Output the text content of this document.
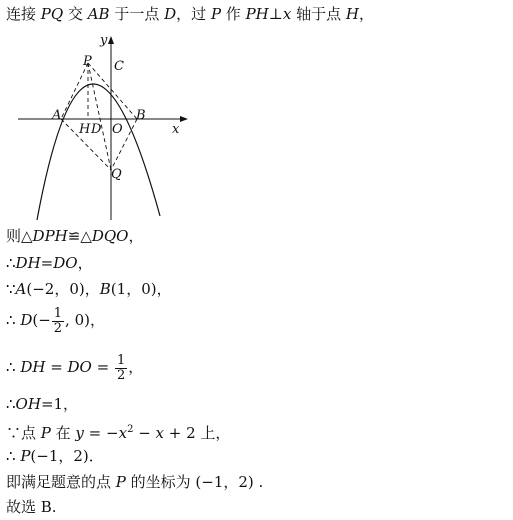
连接 PQ 交 AB 于一点 D，过 P 作 PH⊥x 轴于点 H，
y
x
P C
A	B
H D O
Q
则△DPH≌△DQO，
∴DH=DO，
∵A(−2，0)，B(1，0)，
∴ $D(- \frac{1}{2}$ , 0)，
∴ DH = DO = $\frac{1}{2}$ ，
∴OH=1，
∵点 P 在 $y = -x^2 - x + 2$ 上，
∴ P(−1，2)．
即满足题意的点 P 的坐标为 (−1，2) .
故选 B.
